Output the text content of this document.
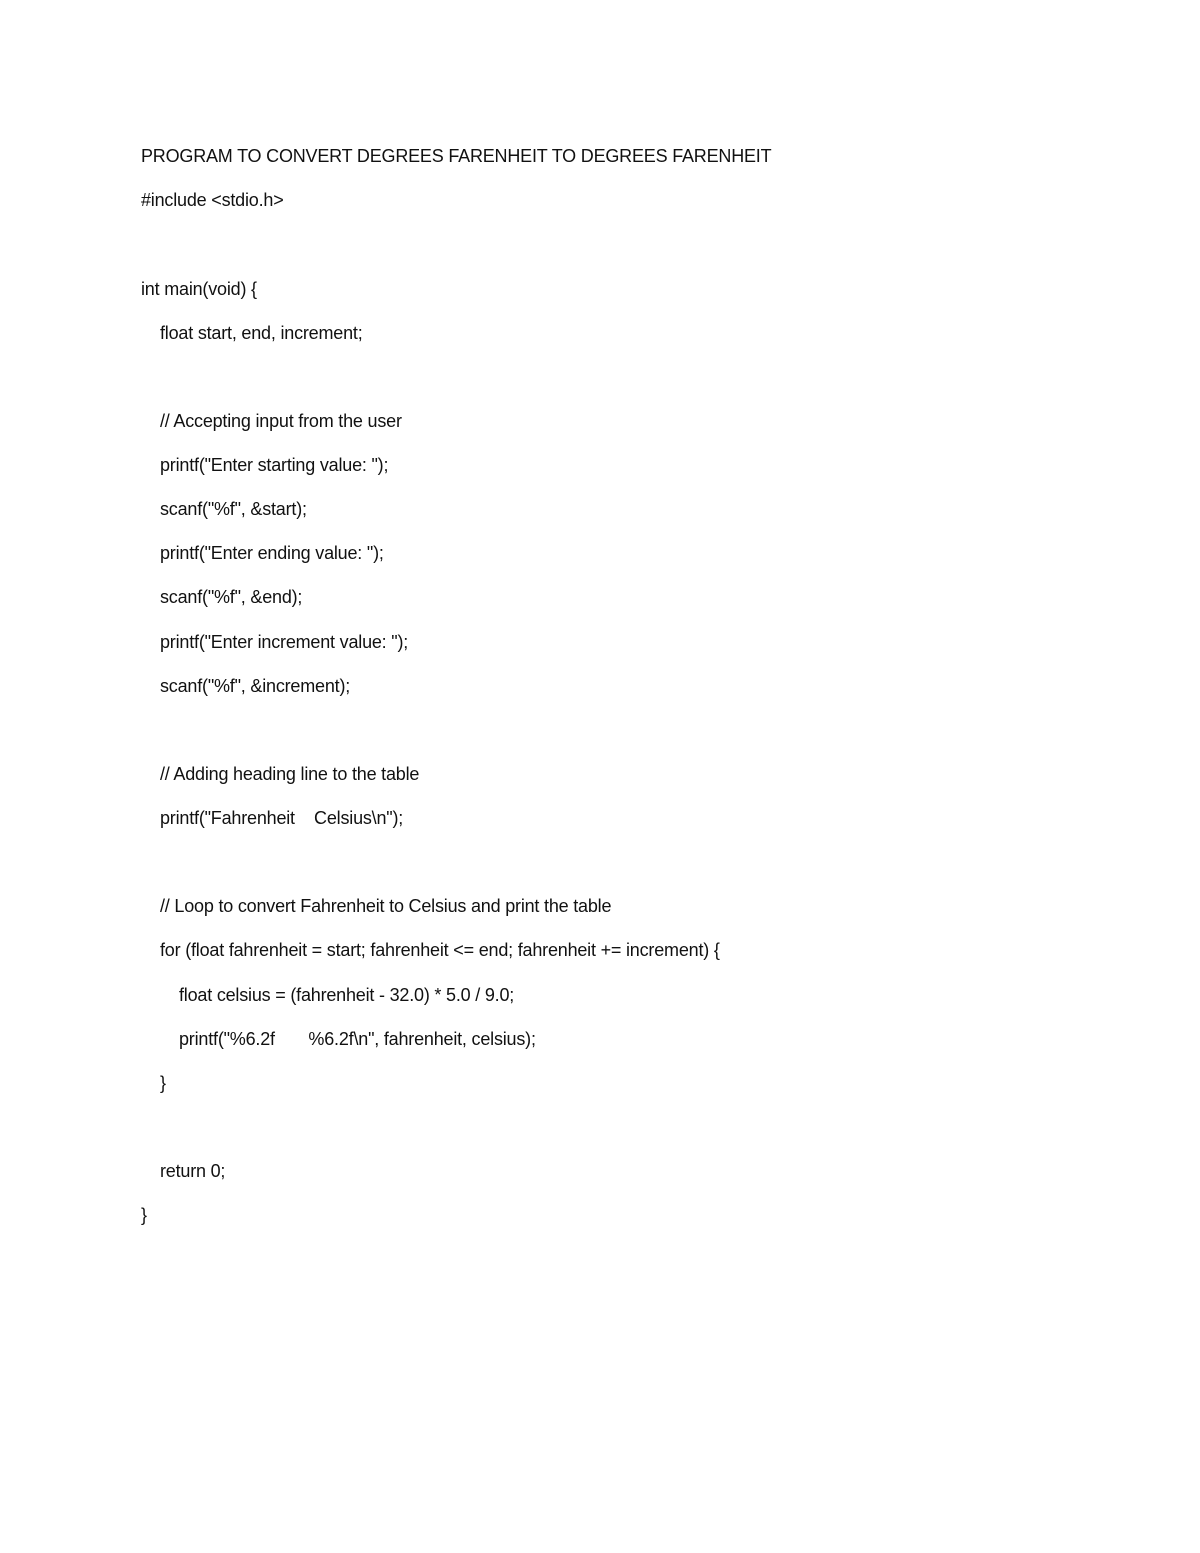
PROGRAM TO CONVERT DEGREES FARENHEIT TO DEGREES FARENHEIT
#include <stdio.h>
int main(void) {
float start, end, increment;
// Accepting input from the user
printf("Enter starting value: ");
scanf("%f", &start);
printf("Enter ending value: ");
scanf("%f", &end);
printf("Enter increment value: ");
scanf("%f", &increment);
// Adding heading line to the table
printf("Fahrenheit    Celsius\n");
// Loop to convert Fahrenheit to Celsius and print the table
for (float fahrenheit = start; fahrenheit <= end; fahrenheit += increment) {
float celsius = (fahrenheit - 32.0) * 5.0 / 9.0;
printf("%6.2f       %6.2f\n", fahrenheit, celsius);
}
return 0;
}
